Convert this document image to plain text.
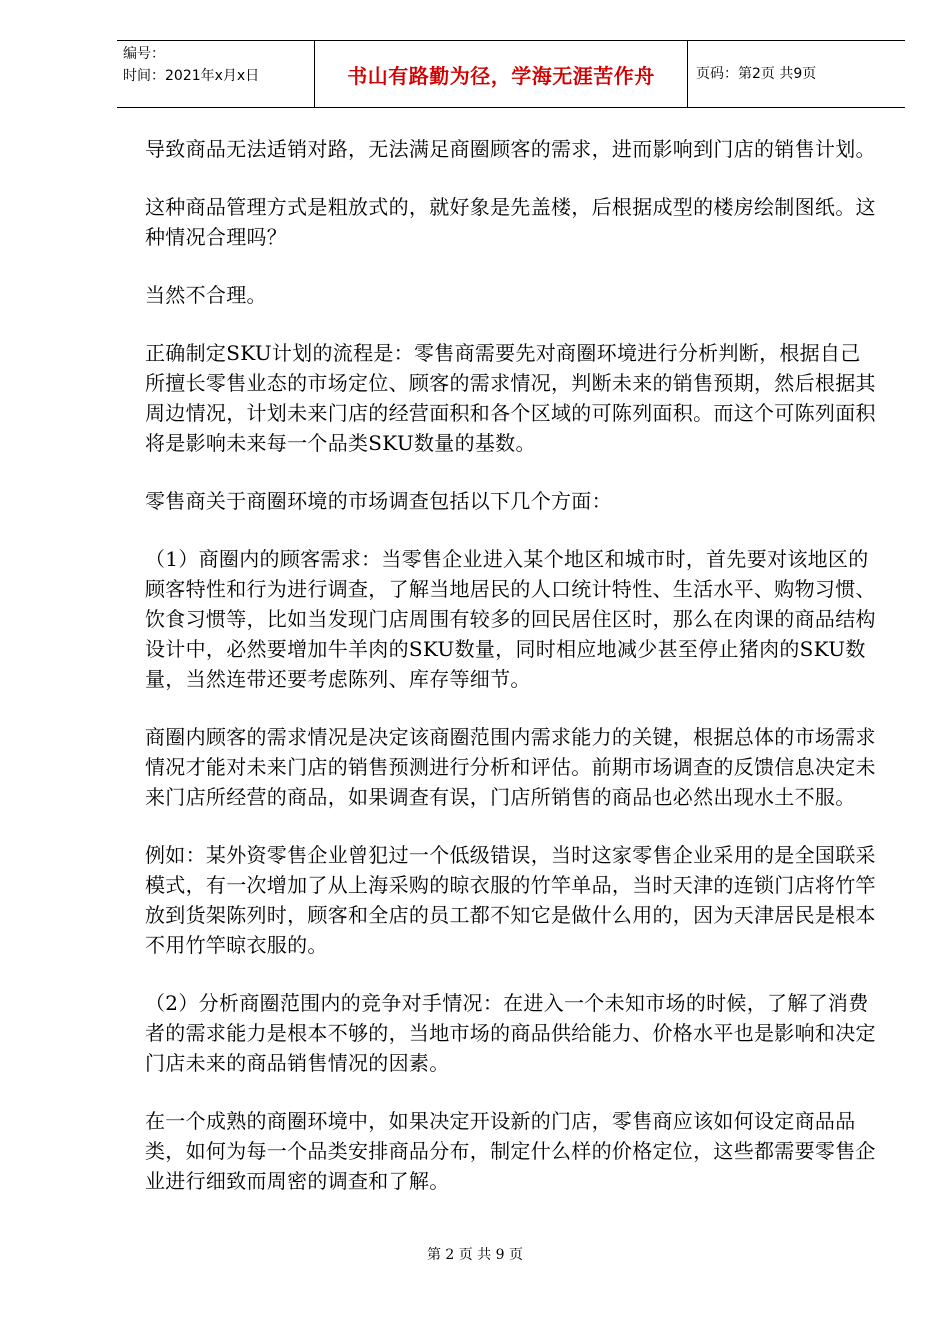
编号：
时间：2021年x月x日	书山有路勤为径，学海无涯苦作舟	页码：第2页 共9页

导致商品无法适销对路，无法满足商圈顾客的需求，进而影响到门店的销售计划。

这种商品管理方式是粗放式的，就好象是先盖楼，后根据成型的楼房绘制图纸。这种情况合理吗？

当然不合理。

正确制定SKU计划的流程是：零售商需要先对商圈环境进行分析判断，根据自己所擅长零售业态的市场定位、顾客的需求情况，判断未来的销售预期，然后根据其周边情况，计划未来门店的经营面积和各个区域的可陈列面积。而这个可陈列面积将是影响未来每一个品类SKU数量的基数。

零售商关于商圈环境的市场调查包括以下几个方面：

（1）商圈内的顾客需求：当零售企业进入某个地区和城市时，首先要对该地区的顾客特性和行为进行调查，了解当地居民的人口统计特性、生活水平、购物习惯、饮食习惯等，比如当发现门店周围有较多的回民居住区时，那么在肉课的商品结构设计中，必然要增加牛羊肉的SKU数量，同时相应地减少甚至停止猪肉的SKU数量，当然连带还要考虑陈列、库存等细节。

商圈内顾客的需求情况是决定该商圈范围内需求能力的关键，根据总体的市场需求情况才能对未来门店的销售预测进行分析和评估。前期市场调查的反馈信息决定未来门店所经营的商品，如果调查有误，门店所销售的商品也必然出现水土不服。

例如：某外资零售企业曾犯过一个低级错误，当时这家零售企业采用的是全国联采模式，有一次增加了从上海采购的晾衣服的竹竿单品，当时天津的连锁门店将竹竿放到货架陈列时，顾客和全店的员工都不知它是做什么用的，因为天津居民是根本不用竹竿晾衣服的。

（2）分析商圈范围内的竞争对手情况：在进入一个未知市场的时候，了解了消费者的需求能力是根本不够的，当地市场的商品供给能力、价格水平也是影响和决定门店未来的商品销售情况的因素。

在一个成熟的商圈环境中，如果决定开设新的门店，零售商应该如何设定商品品类，如何为每一个品类安排商品分布，制定什么样的价格定位，这些都需要零售企业进行细致而周密的调查和了解。

第 2 页 共 9 页
